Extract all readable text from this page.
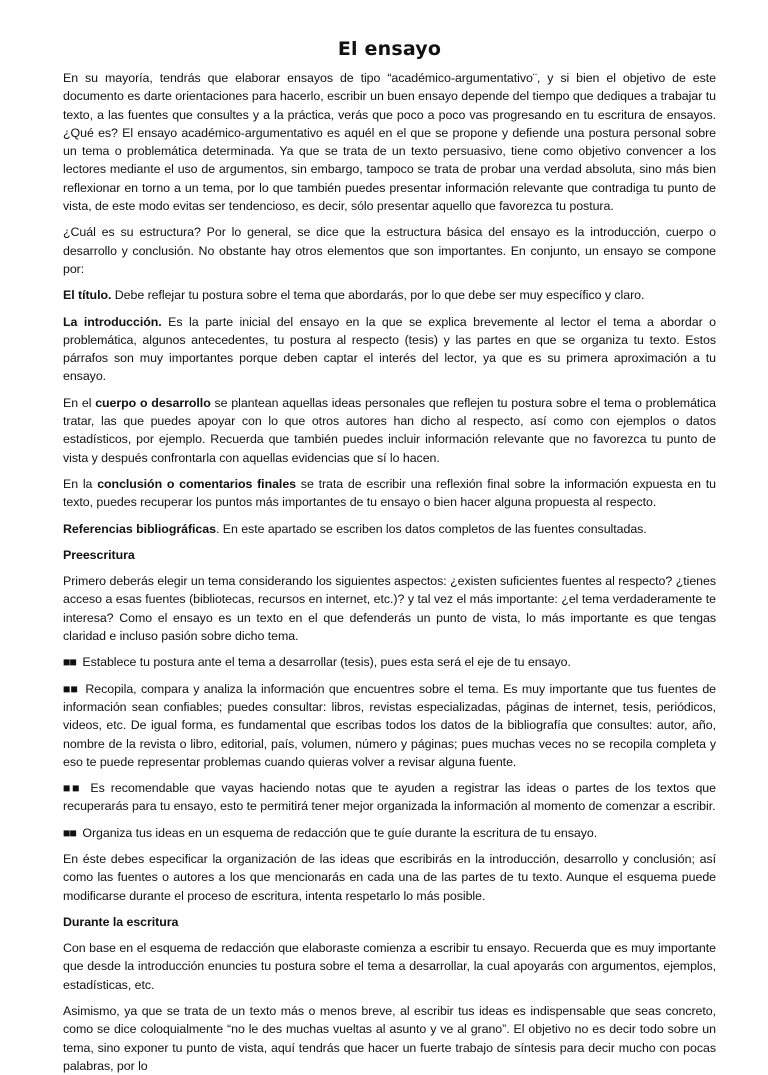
El ensayo

En su mayoría, tendrás que elaborar ensayos de tipo “académico-argumentativo¨, y si bien el objetivo de este documento es darte orientaciones para hacerlo, escribir un buen ensayo depende del tiempo que dediques a trabajar tu texto, a las fuentes que consultes y a la práctica, verás que poco a poco vas progresando en tu escritura de ensayos. ¿Qué es? El ensayo académico-argumentativo es aquél en el que se propone y defiende una postura personal sobre un tema o problemática determinada. Ya que se trata de un texto persuasivo, tiene como objetivo convencer a los lectores mediante el uso de argumentos, sin embargo, tampoco se trata de probar una verdad absoluta, sino más bien reflexionar en torno a un tema, por lo que también puedes presentar información relevante que contradiga tu punto de vista, de este modo evitas ser tendencioso, es decir, sólo presentar aquello que favorezca tu postura.

¿Cuál es su estructura? Por lo general, se dice que la estructura básica del ensayo es la introducción, cuerpo o desarrollo y conclusión. No obstante hay otros elementos que son importantes. En conjunto, un ensayo se compone por:

El título. Debe reflejar tu postura sobre el tema que abordarás, por lo que debe ser muy específico y claro.

La introducción. Es la parte inicial del ensayo en la que se explica brevemente al lector el tema a abordar o problemática, algunos antecedentes, tu postura al respecto (tesis) y las partes en que se organiza tu texto. Estos párrafos son muy importantes porque deben captar el interés del lector, ya que es su primera aproximación a tu ensayo.

En el cuerpo o desarrollo se plantean aquellas ideas personales que reflejen tu postura sobre el tema o problemática tratar, las que puedes apoyar con lo que otros autores han dicho al respecto, así como con ejemplos o datos estadísticos, por ejemplo. Recuerda que también puedes incluir información relevante que no favorezca tu punto de vista y después confrontarla con aquellas evidencias que sí lo hacen.

En la conclusión o comentarios finales se trata de escribir una reflexión final sobre la información expuesta en tu texto, puedes recuperar los puntos más importantes de tu ensayo o bien hacer alguna propuesta al respecto.

Referencias bibliográficas. En este apartado se escriben los datos completos de las fuentes consultadas.

Preescritura

Primero deberás elegir un tema considerando los siguientes aspectos: ¿existen suficientes fuentes al respecto? ¿tienes acceso a esas fuentes (bibliotecas, recursos en internet, etc.)? y tal vez el más importante: ¿el tema verdaderamente te interesa? Como el ensayo es un texto en el que defenderás un punto de vista, lo más importante es que tengas claridad e incluso pasión sobre dicho tema.

■■ Establece tu postura ante el tema a desarrollar (tesis), pues esta será el eje de tu ensayo.

■■ Recopila, compara y analiza la información que encuentres sobre el tema. Es muy importante que tus fuentes de información sean confiables; puedes consultar: libros, revistas especializadas, páginas de internet, tesis, periódicos, videos, etc. De igual forma, es fundamental que escribas todos los datos de la bibliografía que consultes: autor, año, nombre de la revista o libro, editorial, país, volumen, número y páginas; pues muchas veces no se recopila completa y eso te puede representar problemas cuando quieras volver a revisar alguna fuente.

■■ Es recomendable que vayas haciendo notas que te ayuden a registrar las ideas o partes de los textos que recuperarás para tu ensayo, esto te permitirá tener mejor organizada la información al momento de comenzar a escribir.

■■ Organiza tus ideas en un esquema de redacción que te guíe durante la escritura de tu ensayo.

En éste debes especificar la organización de las ideas que escribirás en la introducción, desarrollo y conclusión; así como las fuentes o autores a los que mencionarás en cada una de las partes de tu texto. Aunque el esquema puede modificarse durante el proceso de escritura, intenta respetarlo lo más posible.

Durante la escritura

Con base en el esquema de redacción que elaboraste comienza a escribir tu ensayo. Recuerda que es muy importante que desde la introducción enuncies tu postura sobre el tema a desarrollar, la cual apoyarás con argumentos, ejemplos, estadísticas, etc.

Asimismo, ya que se trata de un texto más o menos breve, al escribir tus ideas es indispensable que seas concreto, como se dice coloquialmente “no le des muchas vueltas al asunto y ve al grano”. El objetivo no es decir todo sobre un tema, sino exponer tu punto de vista, aquí tendrás que hacer un fuerte trabajo de síntesis para decir mucho con pocas palabras, por lo
